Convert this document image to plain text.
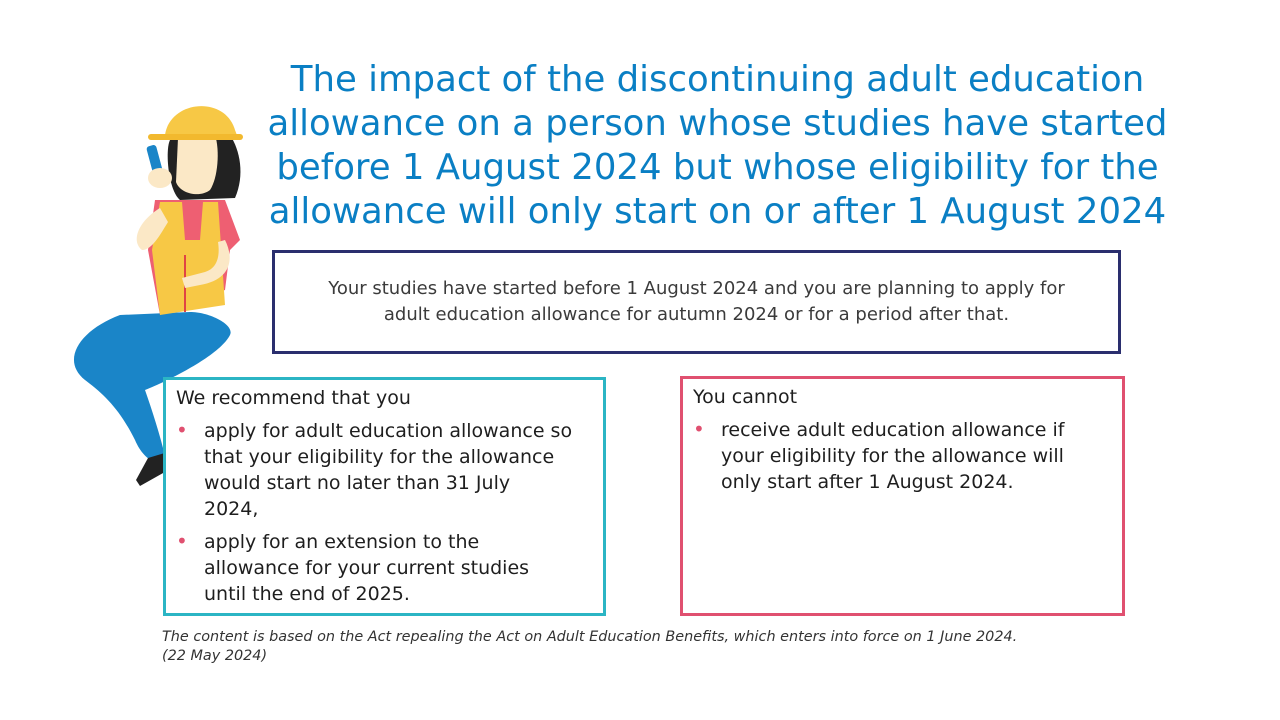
The impact of the discontinuing adult education
allowance on a person whose studies have started
before 1 August 2024 but whose eligibility for the
allowance will only start on or after 1 August 2024
Your studies have started before 1 August 2024 and you are planning to apply for
adult education allowance for autumn 2024 or for a period after that.
We recommend that you
• apply for adult education allowance so
that your eligibility for the allowance
would start no later than 31 July
2024,
• apply for an extension to the
allowance for your current studies
until the end of 2025.
You cannot
• receive adult education allowance if
your eligibility for the allowance will
only start after 1 August 2024.
The content is based on the Act repealing the Act on Adult Education Benefits, which enters into force on 1 June 2024.
(22 May 2024)
